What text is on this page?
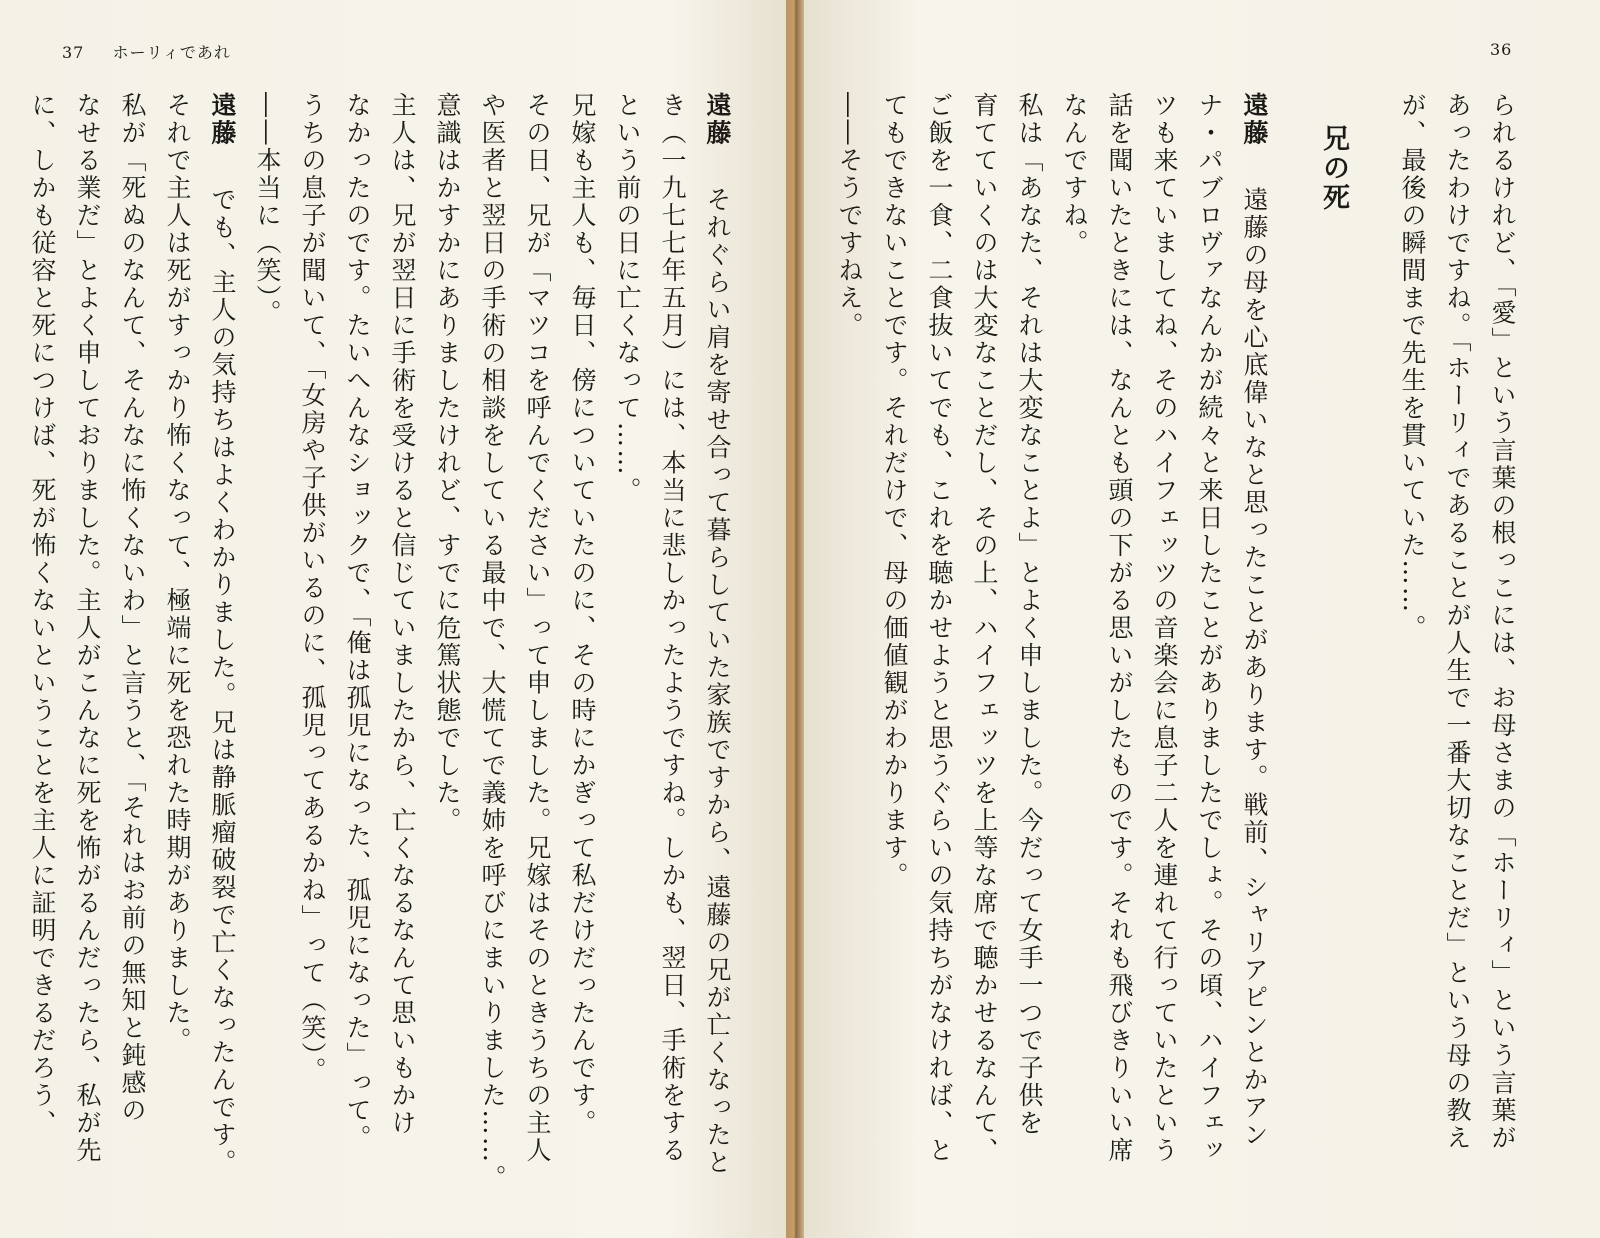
37 ホーリィであれ	36
られるけれど、「愛」という言葉の根っこには、お母さまの「ホーリィ」という言葉が
あったわけですね。「ホーリィであることが人生で一番大切なことだ」という母の教え
が、最後の瞬間まで先生を貫いていた……。
兄の死
遠藤　遠藤の母を心底偉いなと思ったことがあります。戦前、シャリアピンとかアン
ナ・パブロヴァなんかが続々と来日したことがありましたでしょ。その頃、ハイフェッ
ツも来ていましてね、そのハイフェッツの音楽会に息子二人を連れて行っていたという
話を聞いたときには、なんとも頭の下がる思いがしたものです。それも飛びきりいい席
なんですね。
私は「あなた、それは大変なことよ」とよく申しました。今だって女手一つで子供を
育てていくのは大変なことだし、その上、ハイフェッツを上等な席で聴かせるなんて、
ご飯を一食、二食抜いてでも、これを聴かせようと思うぐらいの気持ちがなければ、と
てもできないことです。それだけで、母の価値観がわかります。
――そうですねえ。
遠藤　それぐらい肩を寄せ合って暮らしていた家族ですから、遠藤の兄が亡くなったと
き（一九七七年五月）には、本当に悲しかったようですね。しかも、翌日、手術をする
という前の日に亡くなって……。
兄嫁も主人も、毎日、傍についていたのに、その時にかぎって私だけだったんです。
その日、兄が「マツコを呼んでください」って申しました。兄嫁はそのときうちの主人
や医者と翌日の手術の相談をしている最中で、大慌てで義姉を呼びにまいりました……。
意識はかすかにありましたけれど、すでに危篤状態でした。
主人は、兄が翌日に手術を受けると信じていましたから、亡くなるなんて思いもかけ
なかったのです。たいへんなショックで、「俺は孤児になった、孤児になった」って。
うちの息子が聞いて、「女房や子供がいるのに、孤児ってあるかね」って（笑）。
――本当に（笑）。
遠藤　でも、主人の気持ちはよくわかりました。兄は静脈瘤破裂で亡くなったんです。
それで主人は死がすっかり怖くなって、極端に死を恐れた時期がありました。
私が「死ぬのなんて、そんなに怖くないわ」と言うと、「それはお前の無知と鈍感の
なせる業だ」とよく申しておりました。主人がこんなに死を怖がるんだったら、私が先
に、しかも従容と死につけば、死が怖くないということを主人に証明できるだろう、
